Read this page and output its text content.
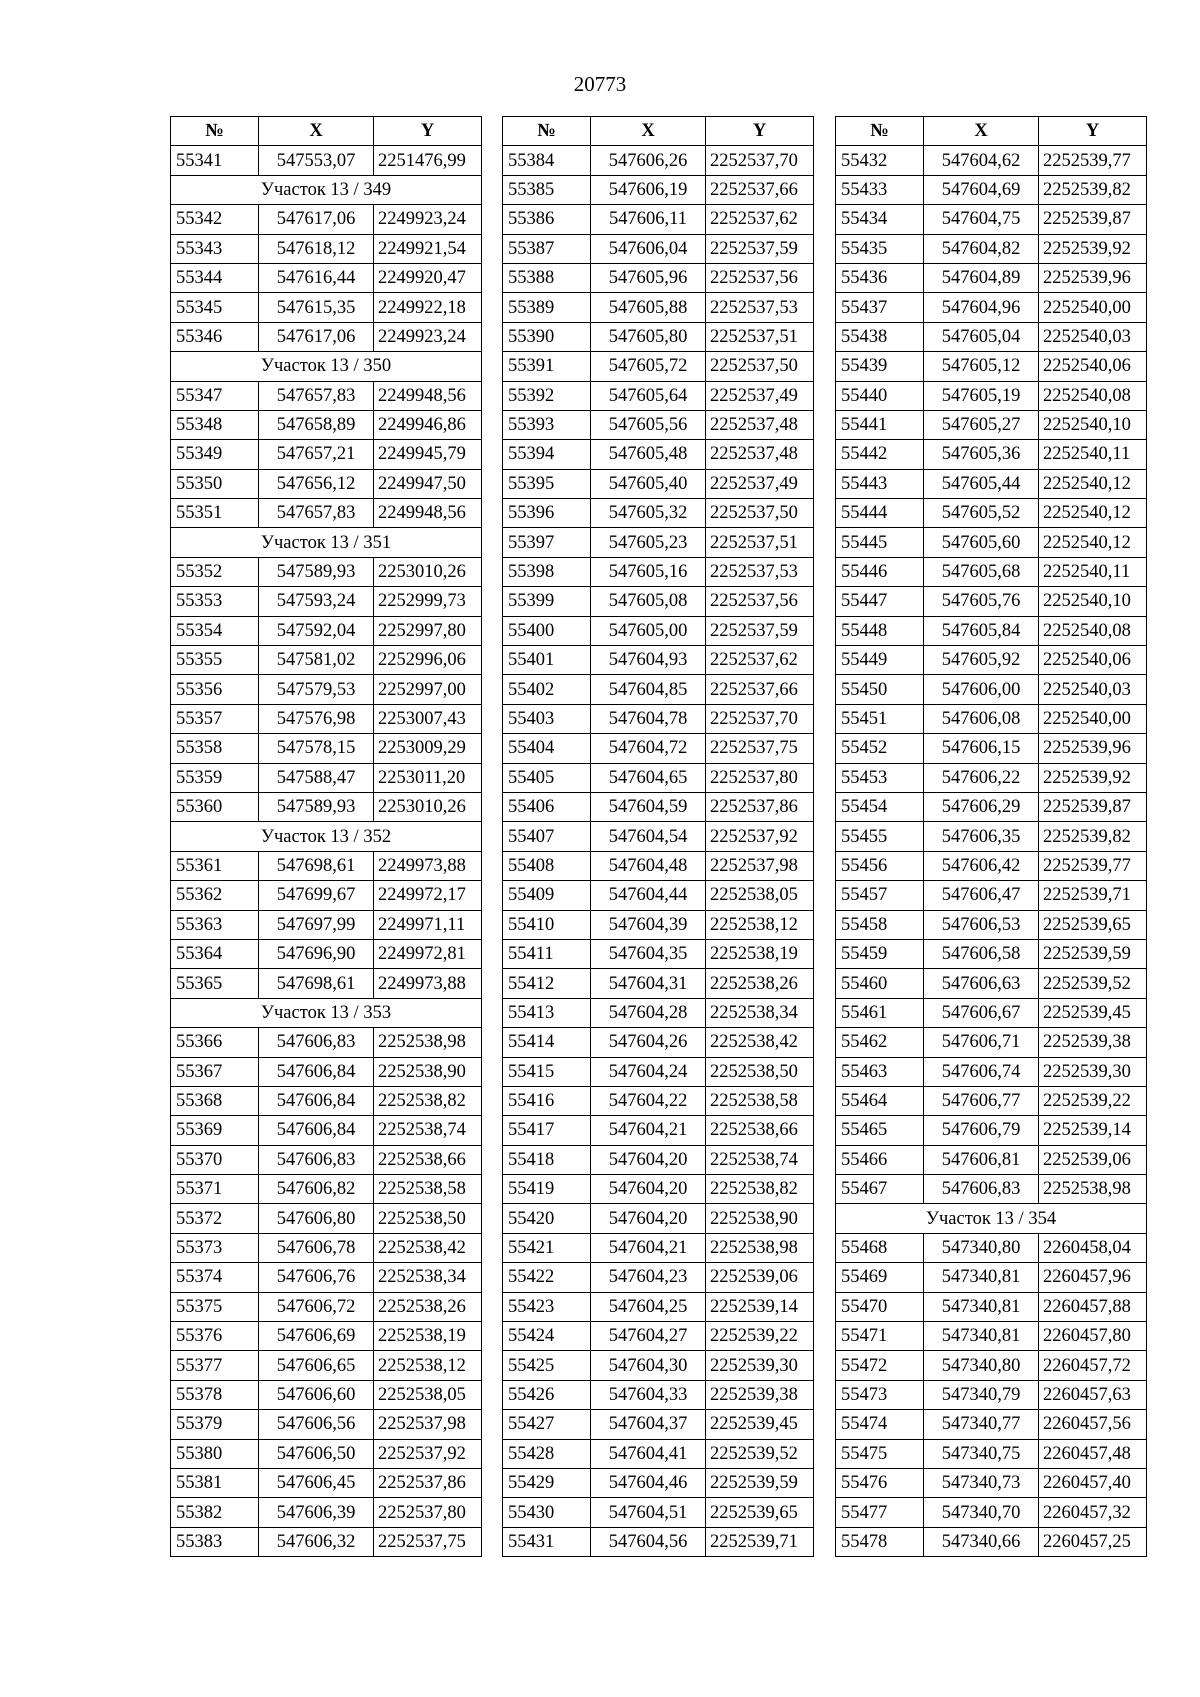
20773
№	X	Y
55341	547553,07	2251476,99
Участок 13 / 349		
55342	547617,06	2249923,24
55343	547618,12	2249921,54
55344	547616,44	2249920,47
55345	547615,35	2249922,18
55346	547617,06	2249923,24
Участок 13 / 350		
55347	547657,83	2249948,56
55348	547658,89	2249946,86
55349	547657,21	2249945,79
55350	547656,12	2249947,50
55351	547657,83	2249948,56
Участок 13 / 351		
55352	547589,93	2253010,26
55353	547593,24	2252999,73
55354	547592,04	2252997,80
55355	547581,02	2252996,06
55356	547579,53	2252997,00
55357	547576,98	2253007,43
55358	547578,15	2253009,29
55359	547588,47	2253011,20
55360	547589,93	2253010,26
Участок 13 / 352		
55361	547698,61	2249973,88
55362	547699,67	2249972,17
55363	547697,99	2249971,11
55364	547696,90	2249972,81
55365	547698,61	2249973,88
Участок 13 / 353		
55366	547606,83	2252538,98
55367	547606,84	2252538,90
55368	547606,84	2252538,82
55369	547606,84	2252538,74
55370	547606,83	2252538,66
55371	547606,82	2252538,58
55372	547606,80	2252538,50
55373	547606,78	2252538,42
55374	547606,76	2252538,34
55375	547606,72	2252538,26
55376	547606,69	2252538,19
55377	547606,65	2252538,12
55378	547606,60	2252538,05
55379	547606,56	2252537,98
55380	547606,50	2252537,92
55381	547606,45	2252537,86
55382	547606,39	2252537,80
55383	547606,32	2252537,75
№	X	Y
55384	547606,26	2252537,70
55385	547606,19	2252537,66
55386	547606,11	2252537,62
55387	547606,04	2252537,59
55388	547605,96	2252537,56
55389	547605,88	2252537,53
55390	547605,80	2252537,51
55391	547605,72	2252537,50
55392	547605,64	2252537,49
55393	547605,56	2252537,48
55394	547605,48	2252537,48
55395	547605,40	2252537,49
55396	547605,32	2252537,50
55397	547605,23	2252537,51
55398	547605,16	2252537,53
55399	547605,08	2252537,56
55400	547605,00	2252537,59
55401	547604,93	2252537,62
55402	547604,85	2252537,66
55403	547604,78	2252537,70
55404	547604,72	2252537,75
55405	547604,65	2252537,80
55406	547604,59	2252537,86
55407	547604,54	2252537,92
55408	547604,48	2252537,98
55409	547604,44	2252538,05
55410	547604,39	2252538,12
55411	547604,35	2252538,19
55412	547604,31	2252538,26
55413	547604,28	2252538,34
55414	547604,26	2252538,42
55415	547604,24	2252538,50
55416	547604,22	2252538,58
55417	547604,21	2252538,66
55418	547604,20	2252538,74
55419	547604,20	2252538,82
55420	547604,20	2252538,90
55421	547604,21	2252538,98
55422	547604,23	2252539,06
55423	547604,25	2252539,14
55424	547604,27	2252539,22
55425	547604,30	2252539,30
55426	547604,33	2252539,38
55427	547604,37	2252539,45
55428	547604,41	2252539,52
55429	547604,46	2252539,59
55430	547604,51	2252539,65
55431	547604,56	2252539,71
№	X	Y
55432	547604,62	2252539,77
55433	547604,69	2252539,82
55434	547604,75	2252539,87
55435	547604,82	2252539,92
55436	547604,89	2252539,96
55437	547604,96	2252540,00
55438	547605,04	2252540,03
55439	547605,12	2252540,06
55440	547605,19	2252540,08
55441	547605,27	2252540,10
55442	547605,36	2252540,11
55443	547605,44	2252540,12
55444	547605,52	2252540,12
55445	547605,60	2252540,12
55446	547605,68	2252540,11
55447	547605,76	2252540,10
55448	547605,84	2252540,08
55449	547605,92	2252540,06
55450	547606,00	2252540,03
55451	547606,08	2252540,00
55452	547606,15	2252539,96
55453	547606,22	2252539,92
55454	547606,29	2252539,87
55455	547606,35	2252539,82
55456	547606,42	2252539,77
55457	547606,47	2252539,71
55458	547606,53	2252539,65
55459	547606,58	2252539,59
55460	547606,63	2252539,52
55461	547606,67	2252539,45
55462	547606,71	2252539,38
55463	547606,74	2252539,30
55464	547606,77	2252539,22
55465	547606,79	2252539,14
55466	547606,81	2252539,06
55467	547606,83	2252538,98
Участок 13 / 354		
55468	547340,80	2260458,04
55469	547340,81	2260457,96
55470	547340,81	2260457,88
55471	547340,81	2260457,80
55472	547340,80	2260457,72
55473	547340,79	2260457,63
55474	547340,77	2260457,56
55475	547340,75	2260457,48
55476	547340,73	2260457,40
55477	547340,70	2260457,32
55478	547340,66	2260457,25
